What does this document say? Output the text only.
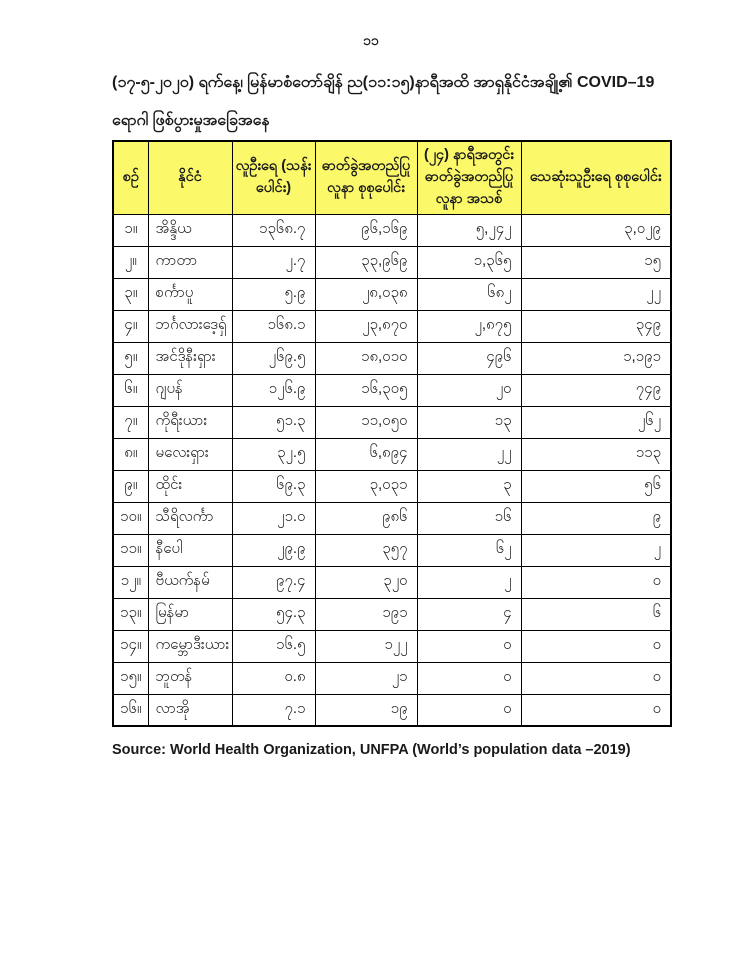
၁၁
(၁၇-၅-၂၀၂၀) ရက်နေ့၊ မြန်မာစံတော်ချိန် ည(၁၁:၁၅)နာရီအထိ အာရှနိုင်ငံအချို့၏ COVID–19
ရောဂါ ဖြစ်ပွားမှုအခြေအနေ
စဉ်	နိုင်ငံ	လူဦးရေ (သန်းပေါင်း)	ဓာတ်ခွဲအတည်ပြု လူနာ စုစုပေါင်း	(၂၄) နာရီအတွင်း ဓာတ်ခွဲအတည်ပြု လူနာ အသစ်	သေဆုံးသူဦးရေ စုစုပေါင်း
၁။	အိန္ဒိယ	၁၃၆၈.၇	၉၆,၁၆၉	၅,၂၄၂	၃,၀၂၉
၂။	ကာတာ	၂.၇	၃၃,၉၆၉	၁,၃၆၅	၁၅
၃။	စင်္ကာပူ	၅.၉	၂၈,၀၃၈	၆၈၂	၂၂
၄။	ဘင်္ဂလားဒေ့ရှ်	၁၆၈.၁	၂၃,၈၇၀	၂,၈၇၅	၃၄၉
၅။	အင်ဒိုနီးရှား	၂၆၉.၅	၁၈,၀၁၀	၄၉၆	၁,၁၉၁
၆။	ဂျပန်	၁၂၆.၉	၁၆,၃၀၅	၂၀	၇၄၉
၇။	ကိုရီးယား	၅၁.၃	၁၁,၀၅၀	၁၃	၂၆၂
၈။	မလေးရှား	၃၂.၅	၆,၈၉၄	၂၂	၁၁၃
၉။	ထိုင်း	၆၉.၃	၃,၀၃၁	၃	၅၆
၁၀။	သီရိလင်္ကာ	၂၁.၀	၉၈၆	၁၆	၉
၁၁။	နီပေါ	၂၉.၉	၃၅၇	၆၂	၂
၁၂။	ဗီယက်နမ်	၉၇.၄	၃၂၀	၂	၀
၁၃။	မြန်မာ	၅၄.၃	၁၉၁	၄	၆
၁၄။	ကမ္ဘောဒီးယား	၁၆.၅	၁၂၂	၀	၀
၁၅။	ဘူတန်	၀.၈	၂၁	၀	၀
၁၆။	လာအို	၇.၁	၁၉	၀	၀
Source: World Health Organization, UNFPA (World’s population data –2019)
